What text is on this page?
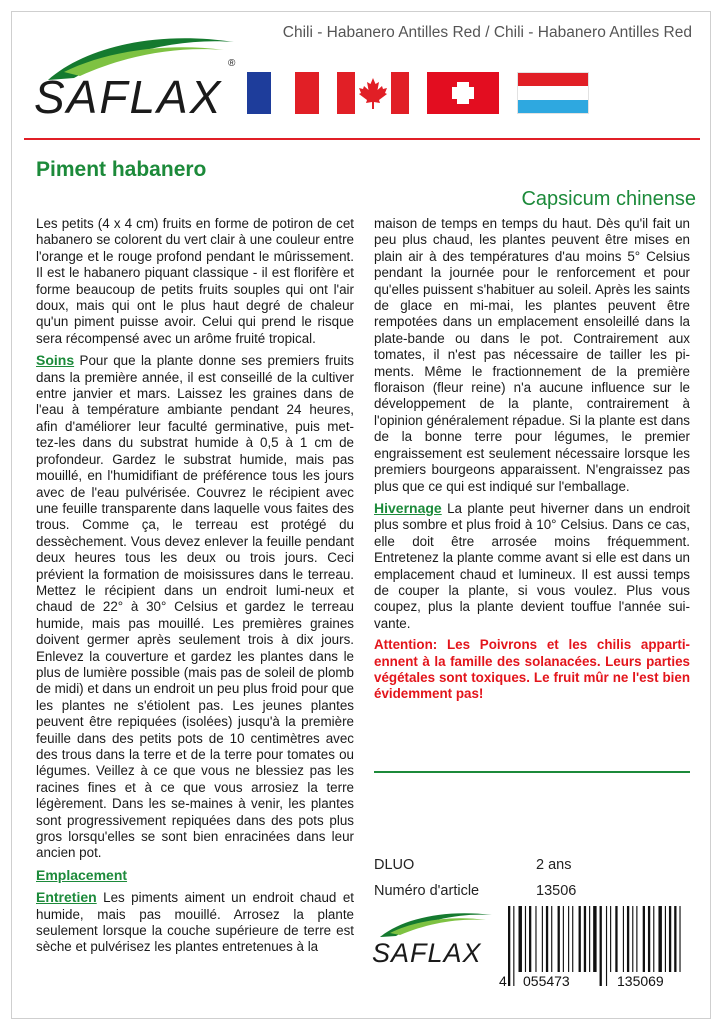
SAFLAX
®
Chili - Habanero Antilles Red / Chili - Habanero Antilles Red
Piment habanero
Capsicum chinense

Les petits (4 x 4 cm) fruits en forme de potiron de cet habanero se colorent du vert clair à une couleur entre l'orange et le rouge profond pendant le mûrissement. Il est le habanero piquant classique - il est florifère et forme beaucoup de petits fruits souples qui ont l'air doux, mais qui ont le plus haut degré de chaleur qu'un piment puisse avoir. Celui qui prend le risque sera récompensé avec un arôme fruité tropical.

Soins Pour que la plante donne ses premiers fruits dans la première année, il est conseillé de la cultiver entre janvier et mars. Laissez les graines dans de l'eau à température ambiante pendant 24 heures, afin d'améliorer leur faculté germinative, puis met-tez-les dans du substrat humide à 0,5 à 1 cm de profondeur. Gardez le substrat humide, mais pas mouillé, en l'humidifiant de préférence tous les jours avec de l'eau pulvérisée. Couvrez le récipient avec une feuille transparente dans laquelle vous faites des trous. Comme ça, le terreau est protégé du dessèchement. Vous devez enlever la feuille pendant deux heures tous les deux ou trois jours. Ceci prévient la formation de moisissures dans le terreau. Mettez le récipient dans un endroit lumi-neux et chaud de 22° à 30° Celsius et gardez le terreau humide, mais pas mouillé. Les premières graines doivent germer après seulement trois à dix jours. Enlevez la couverture et gardez les plantes dans le plus de lumière possible (mais pas de soleil de plomb de midi) et dans un endroit un peu plus froid pour que les plantes ne s'étiolent pas. Les jeunes plantes peuvent être repiquées (isolées) jusqu'à la première feuille dans des petits pots de 10 centimètres avec des trous dans la terre et de la terre pour tomates ou légumes. Veillez à ce que vous ne blessiez pas les racines fines et à ce que vous arrosiez la terre légèrement. Dans les se-maines à venir, les plantes sont progressivement repiquées dans des pots plus gros lorsqu'elles se sont bien enracinées dans leur ancien pot.

Emplacement

Entretien Les piments aiment un endroit chaud et humide, mais pas mouillé. Arrosez la plante seulement lorsque la couche supérieure de terre est sèche et pulvérisez les plantes entretenues à la

maison de temps en temps du haut. Dès qu'il fait un peu plus chaud, les plantes peuvent être mises en plain air à des températures d'au moins 5° Celsius pendant la journée pour le renforcement et pour qu'elles puissent s'habituer au soleil. Après les saints de glace en mi-mai, les plantes peuvent être rempotées dans un emplacement ensoleillé dans la plate-bande ou dans le pot. Contrairement aux tomates, il n'est pas nécessaire de tailler les pi-ments. Même le fractionnement de la première floraison (fleur reine) n'a aucune influence sur le développement de la plante, contrairement à l'opinion généralement répadue. Si la plante est dans de la bonne terre pour légumes, le premier engraissement est seulement nécessaire lorsque les premiers bourgeons apparaissent. N'engraissez pas plus que ce qui est indiqué sur l'emballage.

Hivernage La plante peut hiverner dans un endroit plus sombre et plus froid à 10° Celsius. Dans ce cas, elle doit être arrosée moins fréquemment. Entretenez la plante comme avant si elle est dans un emplacement chaud et lumineux. Il est aussi temps de couper la plante, si vous voulez. Plus vous coupez, plus la plante devient touffue l'année sui-vante.

Attention: Les Poivrons et les chilis apparti-ennent à la famille des solanacées. Leurs parties végétales sont toxiques. Le fruit mûr ne l'est bien évidemment pas!

DLUO	2 ans
Numéro d'article	13506
SAFLAX
4 055473	135069
